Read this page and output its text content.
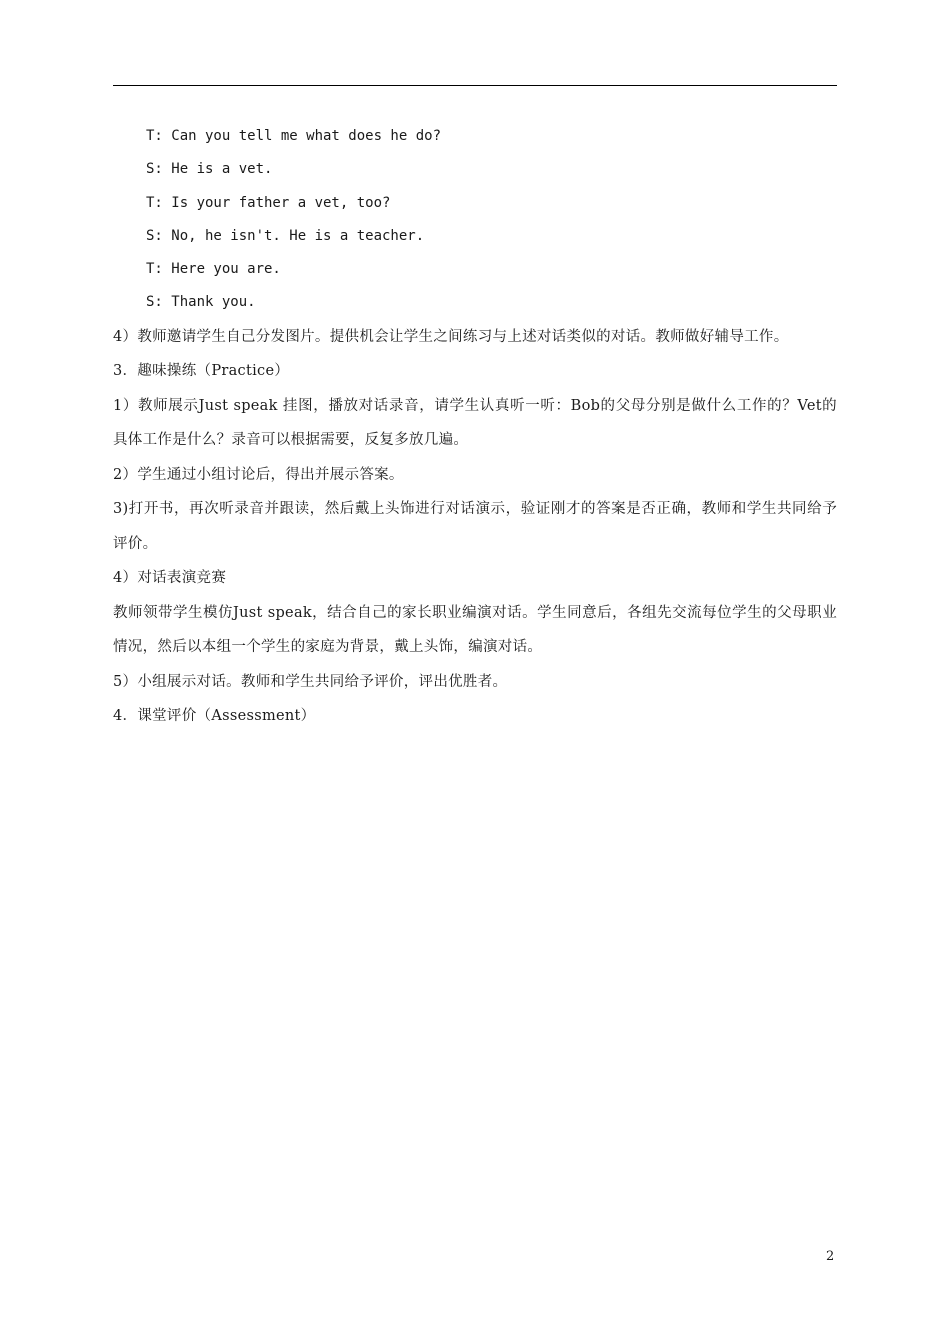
T: Can you tell me what does he do?

S: He is a vet.

T: Is your father a vet, too?

S: No, he isn't. He is a teacher.

T: Here you are.

S: Thank you.

4）教师邀请学生自己分发图片。提供机会让学生之间练习与上述对话类似的对话。教师做好辅导工作。

3．趣味操练（Practice）

1）教师展示Just speak 挂图，播放对话录音，请学生认真听一听：Bob的父母分别是做什么工作的？Vet的具体工作是什么？录音可以根据需要，反复多放几遍。

2）学生通过小组讨论后，得出并展示答案。

3)打开书，再次听录音并跟读，然后戴上头饰进行对话演示，验证刚才的答案是否正确，教师和学生共同给予评价。

4）对话表演竞赛

教师领带学生模仿Just speak，结合自己的家长职业编演对话。学生同意后，各组先交流每位学生的父母职业情况，然后以本组一个学生的家庭为背景，戴上头饰，编演对话。

5）小组展示对话。教师和学生共同给予评价，评出优胜者。

4．课堂评价（Assessment）

2
